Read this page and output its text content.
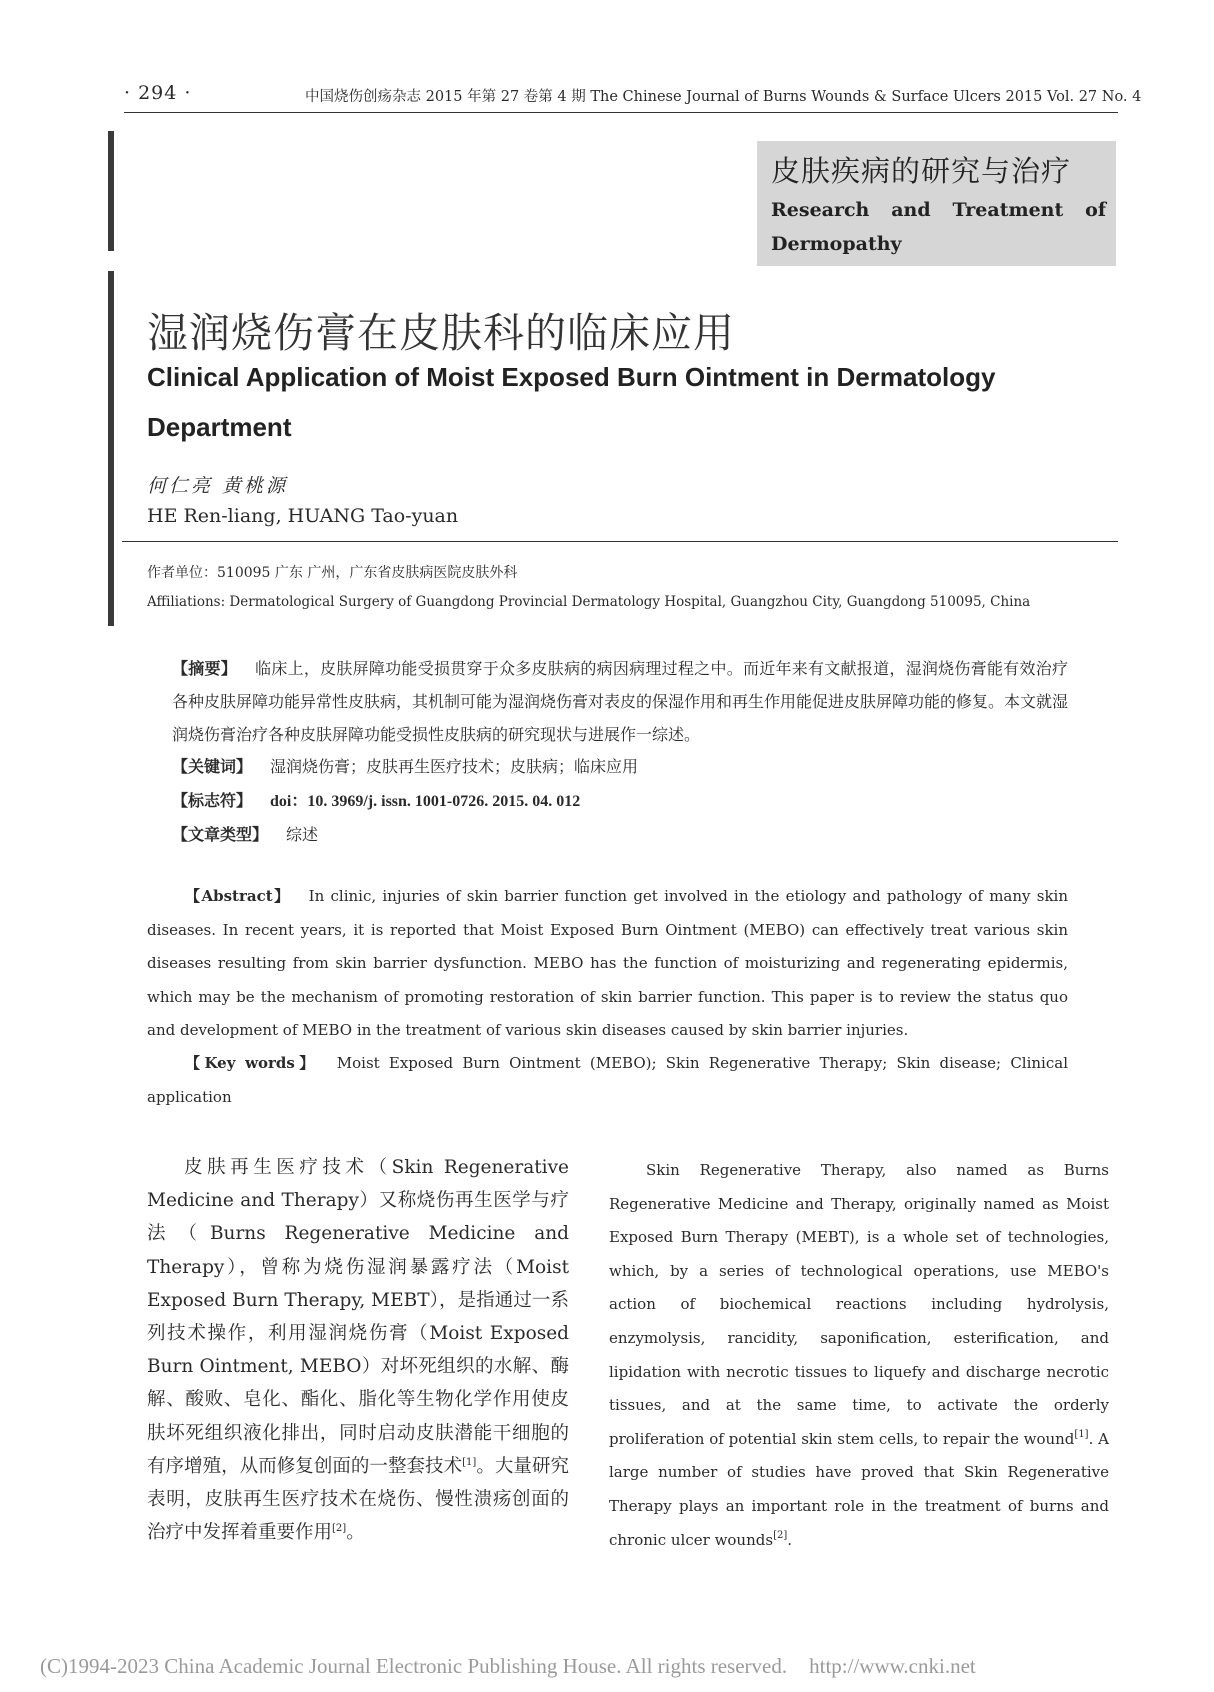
· 294 ·	中国烧伤创疡杂志 2015 年第 27 卷第 4 期 The Chinese Journal of Burns Wounds & Surface Ulcers 2015 Vol. 27 No. 4
皮肤疾病的研究与治疗
Research and Treatment of Dermopathy
湿润烧伤膏在皮肤科的临床应用
Clinical Application of Moist Exposed Burn Ointment in Dermatology Department
何仁亮 黄桃源
HE Ren-liang, HUANG Tao-yuan
作者单位：510095 广东 广州，广东省皮肤病医院皮肤外科
Affiliations: Dermatological Surgery of Guangdong Provincial Dermatology Hospital, Guangzhou City, Guangdong 510095, China
【摘要】 临床上，皮肤屏障功能受损贯穿于众多皮肤病的病因病理过程之中。而近年来有文献报道，湿润烧伤膏能有效治疗各种皮肤屏障功能异常性皮肤病，其机制可能为湿润烧伤膏对表皮的保湿作用和再生作用能促进皮肤屏障功能的修复。本文就湿润烧伤膏治疗各种皮肤屏障功能受损性皮肤病的研究现状与进展作一综述。
【关键词】 湿润烧伤膏；皮肤再生医疗技术；皮肤病；临床应用
【标志符】 doi：10. 3969/j. issn. 1001-0726. 2015. 04. 012
【文章类型】 综述
【Abstract】 In clinic, injuries of skin barrier function get involved in the etiology and pathology of many skin diseases. In recent years, it is reported that Moist Exposed Burn Ointment (MEBO) can effectively treat various skin diseases resulting from skin barrier dysfunction. MEBO has the function of moisturizing and regenerating epidermis, which may be the mechanism of promoting restoration of skin barrier function. This paper is to review the status quo and development of MEBO in the treatment of various skin diseases caused by skin barrier injuries.
【Key words】 Moist Exposed Burn Ointment (MEBO); Skin Regenerative Therapy; Skin disease; Clinical application
皮肤再生医疗技术（Skin Regenerative Medicine and Therapy）又称烧伤再生医学与疗法（Burns Regenerative Medicine and Therapy），曾称为烧伤湿润暴露疗法（Moist Exposed Burn Therapy, MEBT），是指通过一系列技术操作，利用湿润烧伤膏（Moist Exposed Burn Ointment, MEBO）对坏死组织的水解、酶解、酸败、皂化、酯化、脂化等生物化学作用使皮肤坏死组织液化排出，同时启动皮肤潜能干细胞的有序增殖，从而修复创面的一整套技术[1]。大量研究表明，皮肤再生医疗技术在烧伤、慢性溃疡创面的治疗中发挥着重要作用[2]。
Skin Regenerative Therapy, also named as Burns Regenerative Medicine and Therapy, originally named as Moist Exposed Burn Therapy (MEBT), is a whole set of technologies, which, by a series of technological operations, use MEBO's action of biochemical reactions including hydrolysis, enzymolysis, rancidity, saponification, esterification, and lipidation with necrotic tissues to liquefy and discharge necrotic tissues, and at the same time, to activate the orderly proliferation of potential skin stem cells, to repair the wound[1]. A large number of studies have proved that Skin Regenerative Therapy plays an important role in the treatment of burns and chronic ulcer wounds[2].
(C)1994-2023 China Academic Journal Electronic Publishing House. All rights reserved. http://www.cnki.net
